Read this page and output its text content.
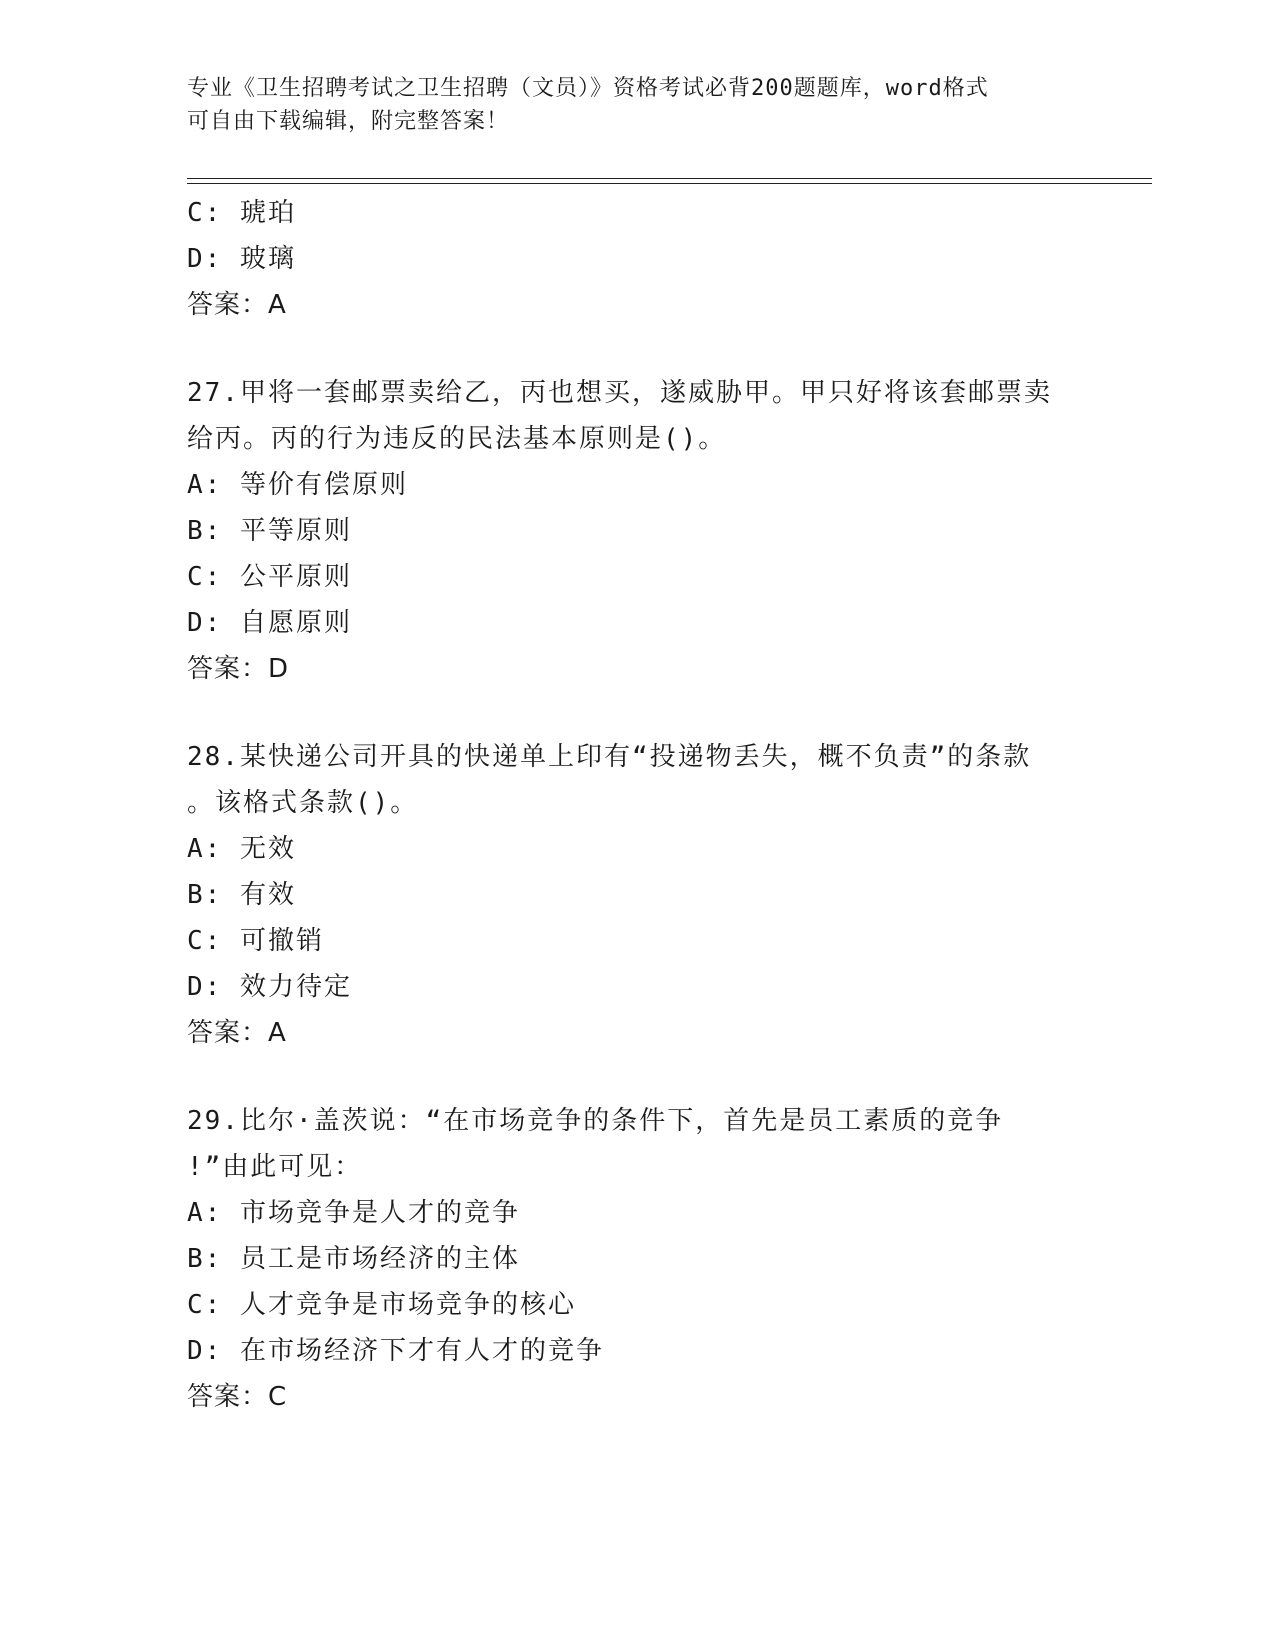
专业《卫生招聘考试之卫生招聘（文员）》资格考试必背200题题库，word格式
可自由下载编辑，附完整答案！
C: 琥珀
D: 玻璃
答案：A
27.甲将一套邮票卖给乙，丙也想买，遂威胁甲。甲只好将该套邮票卖
给丙。丙的行为违反的民法基本原则是()。
A: 等价有偿原则
B: 平等原则
C: 公平原则
D: 自愿原则
答案：D
28.某快递公司开具的快递单上印有“投递物丢失，概不负责”的条款
。该格式条款()。
A: 无效
B: 有效
C: 可撤销
D: 效力待定
答案：A
29.比尔·盖茨说：“在市场竞争的条件下，首先是员工素质的竞争
!”由此可见：
A: 市场竞争是人才的竞争
B: 员工是市场经济的主体
C: 人才竞争是市场竞争的核心
D: 在市场经济下才有人才的竞争
答案：C
